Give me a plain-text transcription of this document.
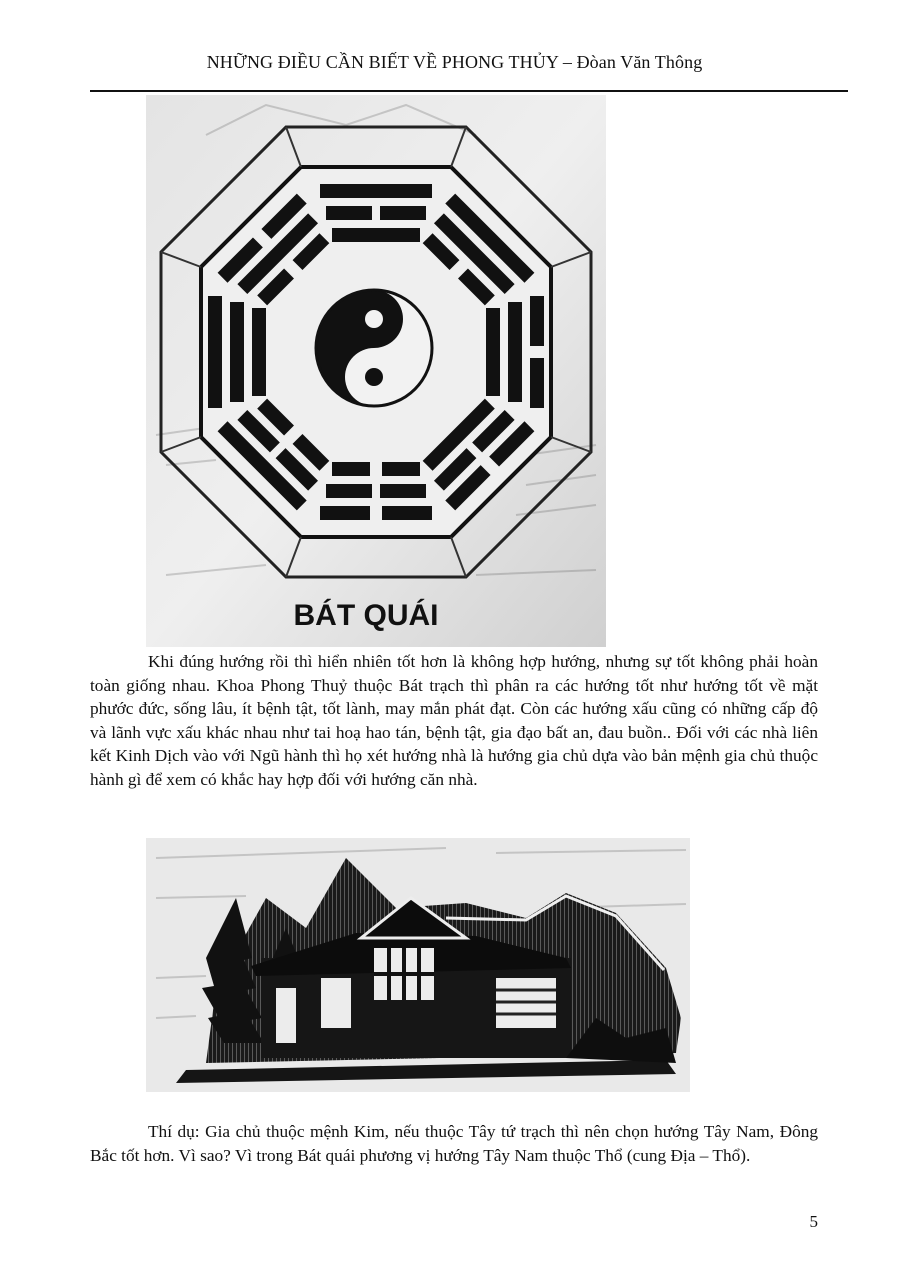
NHỮNG ĐIỀU CẦN BIẾT VỀ PHONG THỦY – Đòan Văn Thông
BÁT QUÁI

Khi đúng hướng rồi thì hiển nhiên tốt hơn là không hợp hướng, nhưng sự tốt không phải hoàn toàn giống nhau. Khoa Phong Thuỷ thuộc Bát trạch thì phân ra các hướng tốt như hướng tốt về mặt phước đức, sống lâu, ít bệnh tật, tốt lành, may mắn phát đạt. Còn các hướng xấu cũng có những cấp độ và lãnh vực xấu khác nhau như tai hoạ hao tán, bệnh tật, gia đạo bất an, đau buồn.. Đối với các nhà liên kết Kinh Dịch vào với Ngũ hành thì họ xét hướng nhà là hướng gia chủ dựa vào bản mệnh gia chủ thuộc hành gì để xem có khắc hay hợp đối với hướng căn nhà.

Thí dụ: Gia chủ thuộc mệnh Kim, nếu thuộc Tây tứ trạch thì nên chọn hướng Tây Nam, Đông Bắc tốt hơn. Vì sao? Vì trong Bát quái phương vị hướng Tây Nam thuộc Thổ (cung Địa – Thổ).

5
